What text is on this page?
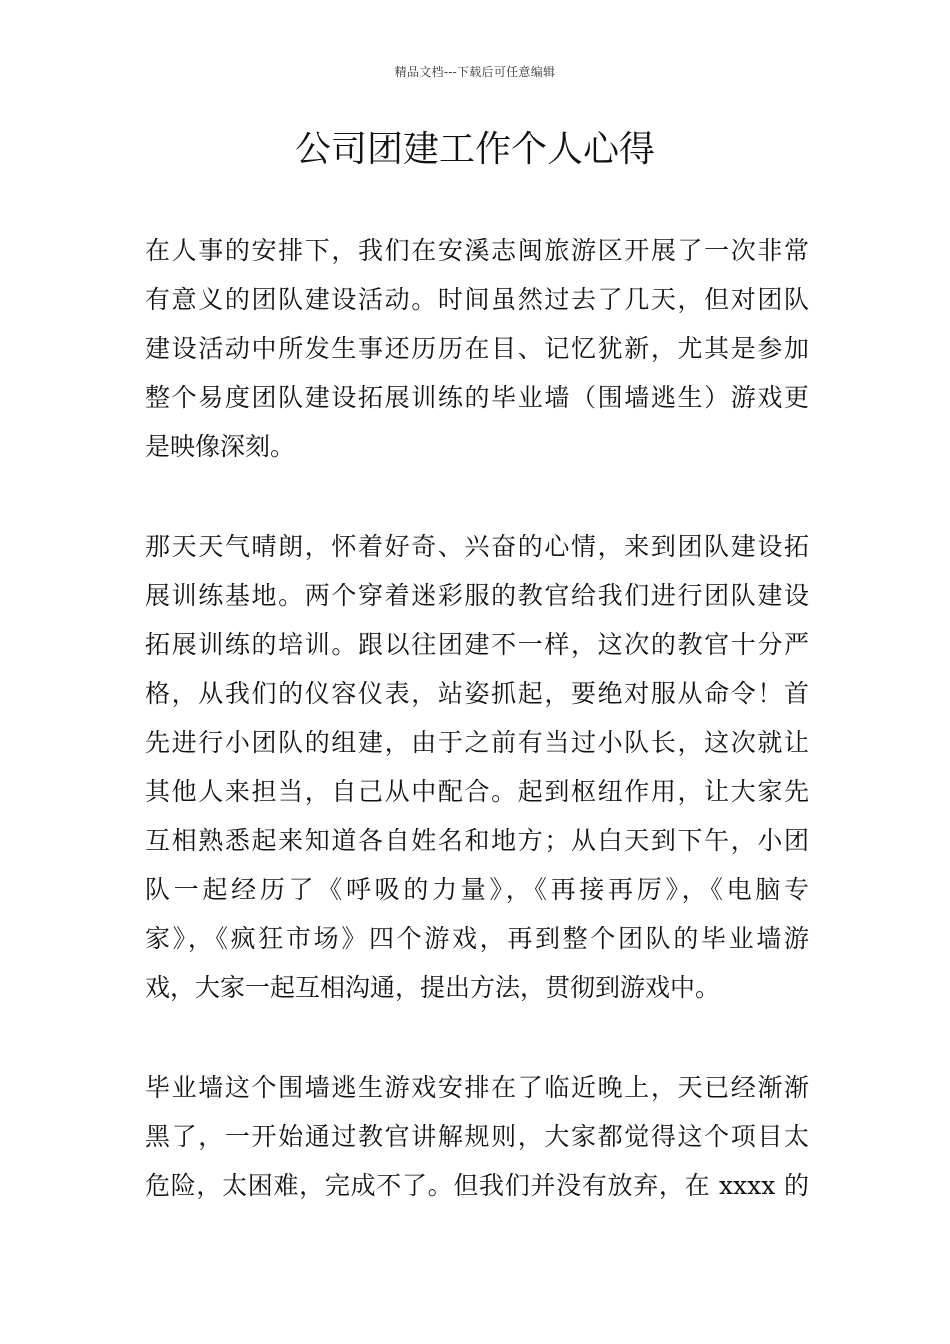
精品文档---下载后可任意编辑
公司团建工作个人心得
在人事的安排下，我们在安溪志闽旅游区开展了一次非常
有意义的团队建设活动。时间虽然过去了几天，但对团队
建设活动中所发生事还历历在目、记忆犹新，尤其是参加
整个易度团队建设拓展训练的毕业墙（围墙逃生）游戏更
是映像深刻。
那天天气晴朗，怀着好奇、兴奋的心情，来到团队建设拓
展训练基地。两个穿着迷彩服的教官给我们进行团队建设
拓展训练的培训。跟以往团建不一样，这次的教官十分严
格，从我们的仪容仪表，站姿抓起，要绝对服从命令！首
先进行小团队的组建，由于之前有当过小队长，这次就让
其他人来担当，自己从中配合。起到枢纽作用，让大家先
互相熟悉起来知道各自姓名和地方；从白天到下午，小团
队一起经历了《呼吸的力量》，《再接再厉》，《电脑专
家》，《疯狂市场》四个游戏，再到整个团队的毕业墙游
戏，大家一起互相沟通，提出方法，贯彻到游戏中。
毕业墙这个围墙逃生游戏安排在了临近晚上，天已经渐渐
黑了，一开始通过教官讲解规则，大家都觉得这个项目太
危险，太困难，完成不了。但我们并没有放弃，在 xxxx 的
